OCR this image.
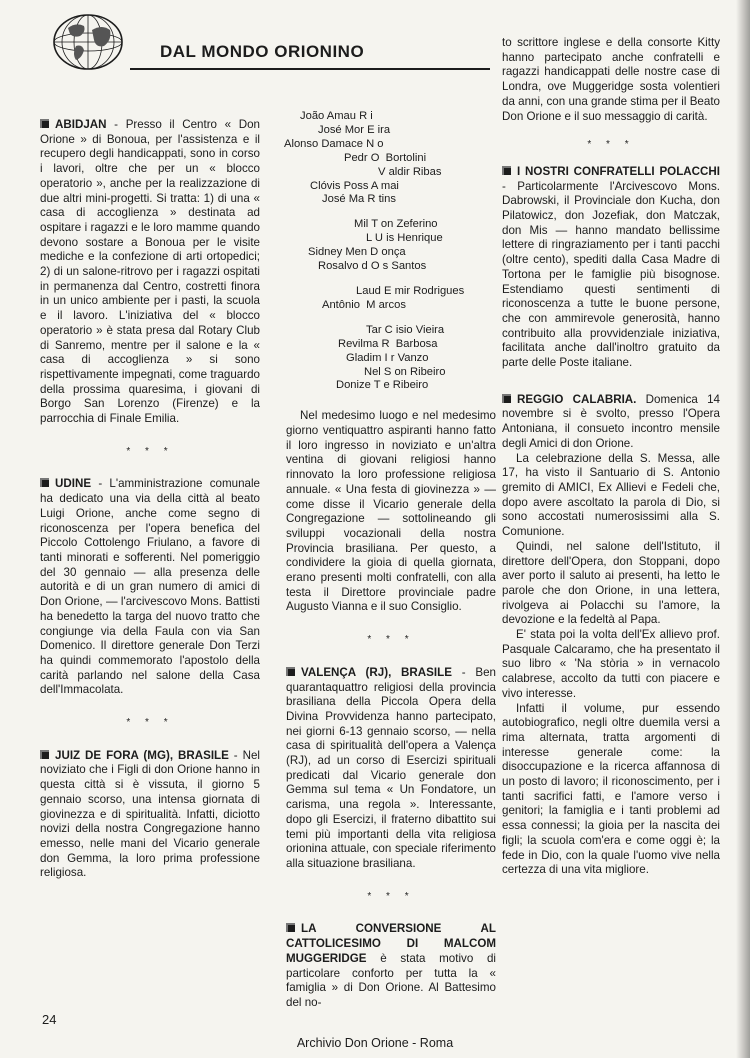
DAL MONDO ORIONINO

ABIDJAN - Presso il Centro « Don Orione » di Bonoua, per l'assistenza e il recupero degli handicappati, sono in corso i lavori, oltre che per un « blocco operatorio », anche per la realizzazione di due altri mini-progetti. Si tratta: 1) di una « casa di accoglienza » destinata ad ospitare i ragazzi e le loro mamme quando devono sostare a Bonoua per le visite mediche e la confezione di arti ortopedici; 2) di un salone-ritrovo per i ragazzi ospitati in permanenza dal Centro, costretti finora in un unico ambiente per i pasti, la scuola e il lavoro. L'iniziativa del « blocco operatorio » è stata presa dal Rotary Club di Sanremo, mentre per il salone e la « casa di accoglienza » si sono rispettivamente impegnati, come traguardo della prossima quaresima, i giovani di Borgo San Lorenzo (Firenze) e la parrocchia di Finale Emilia.

* * *

UDINE - L'amministrazione comunale ha dedicato una via della città al beato Luigi Orione, anche come segno di riconoscenza per l'opera benefica del Piccolo Cottolengo Friulano, a favore di tanti minorati e sofferenti. Nel pomeriggio del 30 gennaio — alla presenza delle autorità e di un gran numero di amici di Don Orione, — l'arcivescovo Mons. Battisti ha benedetto la targa del nuovo tratto che congiunge via della Faula con via San Domenico. Il direttore generale Don Terzi ha quindi commemorato l'apostolo della carità parlando nel salone della Casa dell'Immacolata.

* * *

JUIZ DE FORA (MG), BRASILE - Nel noviziato che i Figli di don Orione hanno in questa città si è vissuta, il giorno 5 gennaio scorso, una intensa giornata di giovinezza e di spiritualità. Infatti, diciotto novizi della nostra Congregazione hanno emesso, nelle mani del Vicario generale don Gemma, la loro prima professione religiosa.

João Amau R i
José Mor E ira
Alonso Damace N o
Pedr O  Bortolini
V aldir Ribas
Clóvis Poss A mai
José Ma R tins
Mil T on Zeferino
L U is Henrique
Sidney Men D onça
Rosalvo d O s Santos
Laud E mir Rodrigues
Antônio  M arcos
Tar C isio Vieira
Revilma R  Barbosa
Gladim I r Vanzo
Nel S on Ribeiro
Donize T e Ribeiro

Nel medesimo luogo e nel medesimo giorno ventiquattro aspiranti hanno fatto il loro ingresso in noviziato e un'altra ventina di giovani religiosi hanno rinnovato la loro professione religiosa annuale. « Una festa di giovinezza » — come disse il Vicario generale della Congregazione — sottolineando gli sviluppi vocazionali della nostra Provincia brasiliana. Per questo, a condividere la gioia di quella giornata, erano presenti molti confratelli, con alla testa il Direttore provinciale padre Augusto Vianna e il suo Consiglio.

* * *

VALENÇA (RJ), BRASILE - Ben quarantaquattro religiosi della provincia brasiliana della Piccola Opera della Divina Provvidenza hanno partecipato, nei giorni 6-13 gennaio scorso, — nella casa di spiritualità dell'opera a Valença (RJ), ad un corso di Esercizi spirituali predicati dal Vicario generale don Gemma sul tema « Un Fondatore, un carisma, una regola ». Interessante, dopo gli Esercizi, il fraterno dibattito sui temi più importanti della vita religiosa orionina attuale, con speciale riferimento alla situazione brasiliana.

* * *

LA CONVERSIONE AL CATTOLICESIMO DI MALCOM MUGGERIDGE è stata motivo di particolare conforto per tutta la « famiglia » di Don Orione. Al Battesimo del no-

to scrittore inglese e della consorte Kitty hanno partecipato anche confratelli e ragazzi handicappati delle nostre case di Londra, ove Muggeridge sosta volentieri da anni, con una grande stima per il Beato Don Orione e il suo messaggio di carità.

* * *

I NOSTRI CONFRATELLI POLACCHI - Particolarmente l'Arcivescovo Mons. Dabrowski, il Provinciale don Kucha, don Pilatowicz, don Jozefiak, don Matczak, don Mis — hanno mandato bellissime lettere di ringraziamento per i tanti pacchi (oltre cento), spediti dalla Casa Madre di Tortona per le famiglie più bisognose. Estendiamo questi sentimenti di riconoscenza a tutte le buone persone, che con ammirevole generosità, hanno contribuito alla provvidenziale iniziativa, facilitata anche dall'inoltro gratuito da parte delle Poste italiane.

REGGIO CALABRIA. Domenica 14 novembre si è svolto, presso l'Opera Antoniana, il consueto incontro mensile degli Amici di don Orione.

La celebrazione della S. Messa, alle 17, ha visto il Santuario di S. Antonio gremito di AMICI, Ex Allievi e Fedeli che, dopo avere ascoltato la parola di Dio, si sono accostati numerosissimi alla S. Comunione.

Quindi, nel salone dell'Istituto, il direttore dell'Opera, don Stoppani, dopo aver porto il saluto ai presenti, ha letto le parole che don Orione, in una lettera, rivolgeva ai Polacchi su l'amore, la devozione e la fedeltà al Papa.

E' stata poi la volta dell'Ex allievo prof. Pasquale Calcaramo, che ha presentato il suo libro « 'Na stòria » in vernacolo calabrese, accolto da tutti con piacere e vivo interesse.

Infatti il volume, pur essendo autobiografico, negli oltre duemila versi a rima alternata, tratta argomenti di interesse generale come: la disoccupazione e la ricerca affannosa di un posto di lavoro; il riconoscimento, per i tanti sacrifici fatti, e l'amore verso i genitori; la famiglia e i tanti problemi ad essa connessi; la gioia per la nascita dei figli; la scuola com'era e come oggi è; la fede in Dio, con la quale l'uomo vive nella certezza di una vita migliore.

24
Archivio Don Orione - Roma
